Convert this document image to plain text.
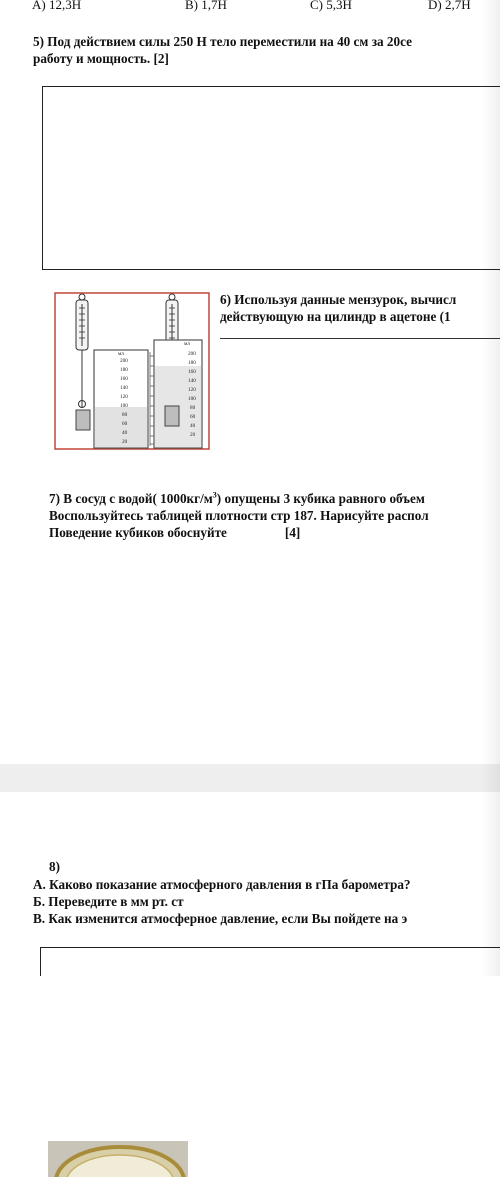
A) 12,3Н	B) 1,7Н	C) 5,3Н	D) 2,7Н
5) Под действием силы 250 Н тело переместили на 40 см за 20се
работу и мощность. [2]
мл
200
180
160
140
120
100
80
60
40
20
мл
200
180
160
140
120
100
80
60
40
20
6) Используя данные мензурок, вычисл
действующую на цилиндр в ацетоне (1
7) В сосуд с водой( $1000кг/м^3$) опущены 3 кубика равного объем
Воспользуйтесь таблицей плотности стр 187. Нарисуйте распол
Поведение кубиков обоснуйте	[4]
8)
А. Каково показание атмосферного давления в гПа барометра?
Б. Переведите в мм рт. ст
В. Как изменится атмосферное давление, если Вы пойдете на э
